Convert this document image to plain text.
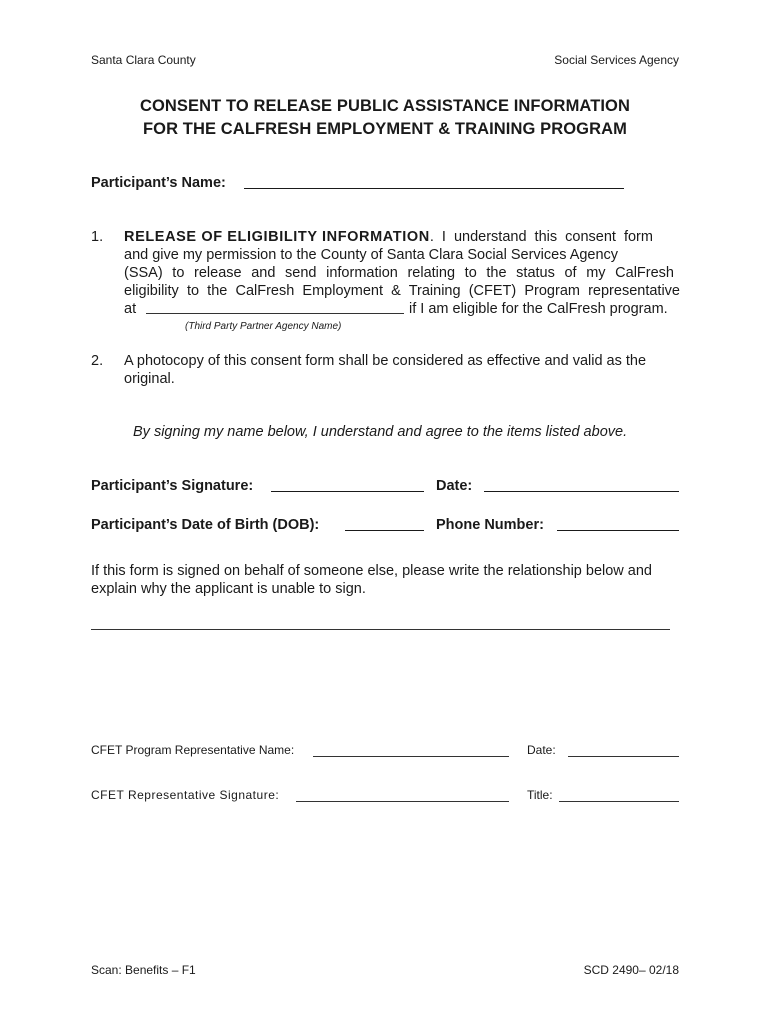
Santa Clara County	Social Services Agency
CONSENT TO RELEASE PUBLIC ASSISTANCE INFORMATION
FOR THE CALFRESH EMPLOYMENT & TRAINING PROGRAM
Participant’s Name:
1. RELEASE OF ELIGIBILITY INFORMATION. I understand this consent form
and give my permission to the County of Santa Clara Social Services Agency
(SSA) to release and send information relating to the status of my CalFresh
eligibility to the CalFresh Employment & Training (CFET) Program representative
at	if I am eligible for the CalFresh program.
(Third Party Partner Agency Name)
2. A photocopy of this consent form shall be considered as effective and valid as the
original.
By signing my name below, I understand and agree to the items listed above.
Participant’s Signature:	Date:
Participant’s Date of Birth (DOB):	Phone Number:
If this form is signed on behalf of someone else, please write the relationship below and
explain why the applicant is unable to sign.
CFET Program Representative Name:	Date:
CFET Representative Signature:	Title:
Scan: Benefits – F1	SCD 2490– 02/18
